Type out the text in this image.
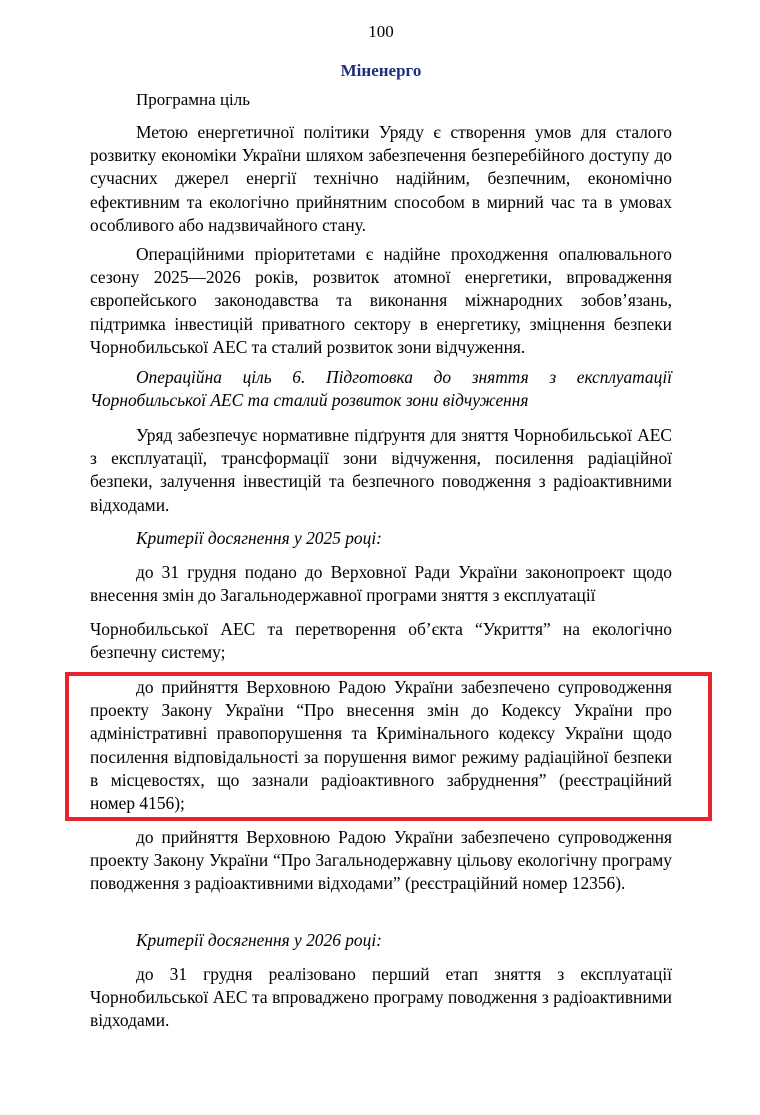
100
Міненерго
Програмна ціль

Метою енергетичної політики Уряду є створення умов для сталого розвитку економіки України шляхом забезпечення безперебійного доступу до сучасних джерел енергії технічно надійним, безпечним, економічно ефективним та екологічно прийнятним способом в мирний час та в умовах особливого або надзвичайного стану.

Операційними пріоритетами є надійне проходження опалювального сезону 2025—2026 років, розвиток атомної енергетики, впровадження європейського законодавства та виконання міжнародних зобов’язань, підтримка інвестицій приватного сектору в енергетику, зміцнення безпеки Чорнобильської АЕС та сталий розвиток зони відчуження.

Операційна ціль 6. Підготовка до зняття з експлуатації Чорнобильської АЕС та сталий розвиток зони відчуження

Уряд забезпечує нормативне підґрунтя для зняття Чорнобильської АЕС з експлуатації, трансформації зони відчуження, посилення радіаційної безпеки, залучення інвестицій та безпечного поводження з радіоактивними відходами.

Критерії досягнення у 2025 році:

до 31 грудня подано до Верховної Ради України законопроект щодо внесення змін до Загальнодержавної програми зняття з експлуатації

Чорнобильської АЕС та перетворення об’єкта “Укриття” на екологічно безпечну систему;

до прийняття Верховною Радою України забезпечено супроводження проекту Закону України “Про внесення змін до Кодексу України про адміністративні правопорушення та Кримінального кодексу України щодо посилення відповідальності за порушення вимог режиму радіаційної безпеки в місцевостях, що зазнали радіоактивного забруднення” (реєстраційний номер 4156);

до прийняття Верховною Радою України забезпечено супроводження проекту Закону України “Про Загальнодержавну цільову екологічну програму поводження з радіоактивними відходами” (реєстраційний номер 12356).

Критерії досягнення у 2026 році:

до 31 грудня реалізовано перший етап зняття з експлуатації Чорнобильської АЕС та впроваджено програму поводження з радіоактивними відходами.
